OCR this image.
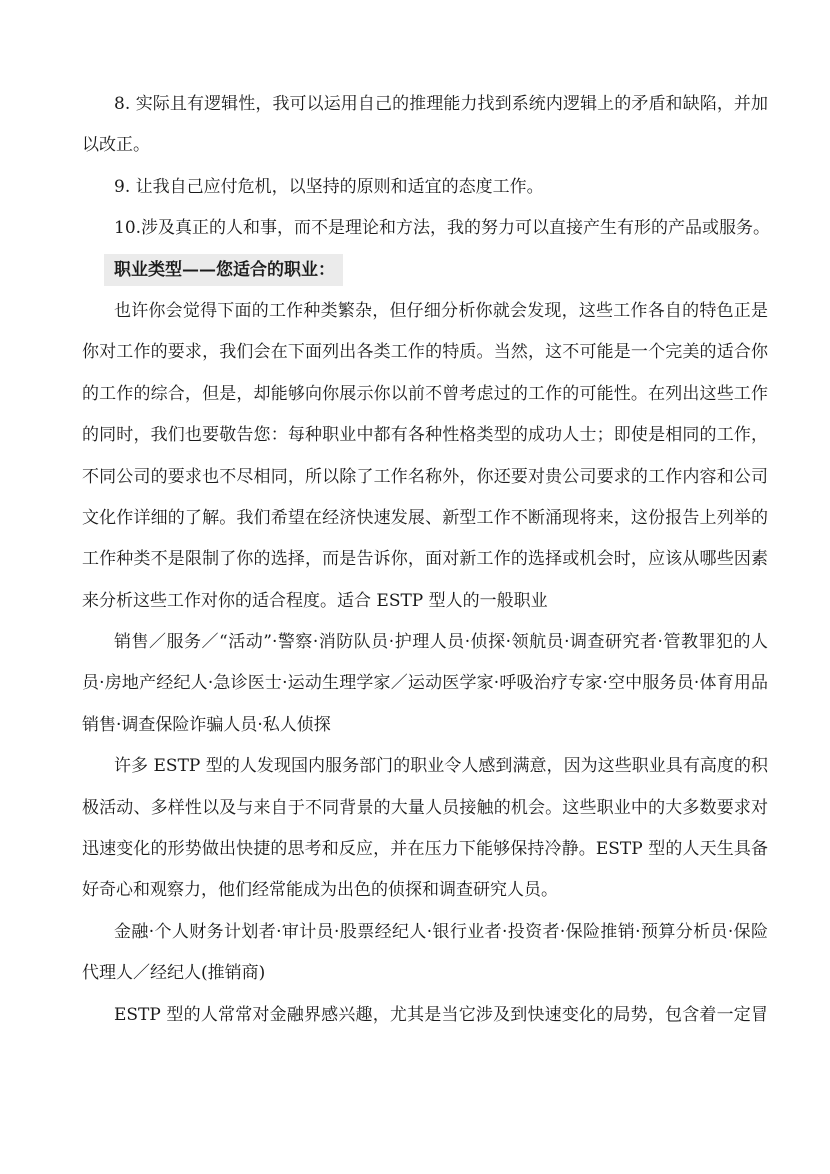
8. 实际且有逻辑性，我可以运用自己的推理能力找到系统内逻辑上的矛盾和缺陷，并加
以改正。
9. 让我自己应付危机，以坚持的原则和适宜的态度工作。
10.涉及真正的人和事，而不是理论和方法，我的努力可以直接产生有形的产品或服务。
职业类型——您适合的职业：
也许你会觉得下面的工作种类繁杂，但仔细分析你就会发现，这些工作各自的特色正是
你对工作的要求，我们会在下面列出各类工作的特质。当然，这不可能是一个完美的适合你
的工作的综合，但是，却能够向你展示你以前不曾考虑过的工作的可能性。在列出这些工作
的同时，我们也要敬告您：每种职业中都有各种性格类型的成功人士；即使是相同的工作，
不同公司的要求也不尽相同，所以除了工作名称外，你还要对贵公司要求的工作内容和公司
文化作详细的了解。我们希望在经济快速发展、新型工作不断涌现将来，这份报告上列举的
工作种类不是限制了你的选择，而是告诉你，面对新工作的选择或机会时，应该从哪些因素
来分析这些工作对你的适合程度。适合 ESTP 型人的一般职业
销售／服务／“活动”·警察·消防队员·护理人员·侦探·领航员·调查研究者·管教罪犯的人
员·房地产经纪人·急诊医士·运动生理学家／运动医学家·呼吸治疗专家·空中服务员·体育用品
销售·调查保险诈骗人员·私人侦探
许多 ESTP 型的人发现国内服务部门的职业令人感到满意，因为这些职业具有高度的积
极活动、多样性以及与来自于不同背景的大量人员接触的机会。这些职业中的大多数要求对
迅速变化的形势做出快捷的思考和反应，并在压力下能够保持冷静。ESTP 型的人天生具备
好奇心和观察力，他们经常能成为出色的侦探和调查研究人员。
金融·个人财务计划者·审计员·股票经纪人·银行业者·投资者·保险推销·预算分析员·保险
代理人／经纪人(推销商)
ESTP 型的人常常对金融界感兴趣，尤其是当它涉及到快速变化的局势，包含着一定冒
